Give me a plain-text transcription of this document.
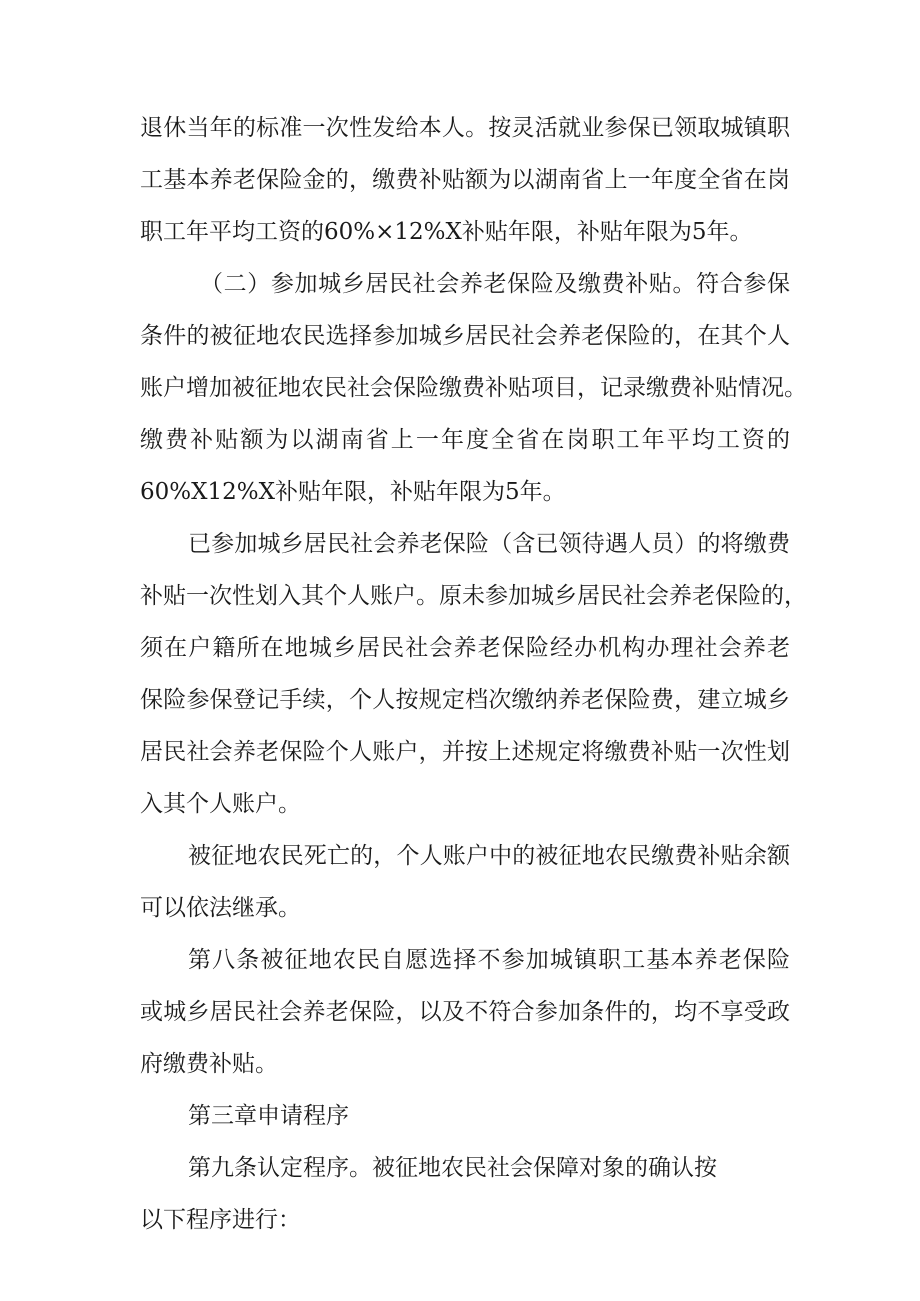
退休当年的标准一次性发给本人。按灵活就业参保已领取城镇职
工基本养老保险金的，缴费补贴额为以湖南省上一年度全省在岗
职工年平均工资的60%×12%X补贴年限，补贴年限为5年。
（二）参加城乡居民社会养老保险及缴费补贴。符合参保
条件的被征地农民选择参加城乡居民社会养老保险的，在其个人
账户增加被征地农民社会保险缴费补贴项目，记录缴费补贴情况。
缴费补贴额为以湖南省上一年度全省在岗职工年平均工资的
60%X12%X补贴年限，补贴年限为5年。
已参加城乡居民社会养老保险（含已领待遇人员）的将缴费
补贴一次性划入其个人账户。原未参加城乡居民社会养老保险的，
须在户籍所在地城乡居民社会养老保险经办机构办理社会养老
保险参保登记手续，个人按规定档次缴纳养老保险费，建立城乡
居民社会养老保险个人账户，并按上述规定将缴费补贴一次性划
入其个人账户。
被征地农民死亡的，个人账户中的被征地农民缴费补贴余额
可以依法继承。
第八条被征地农民自愿选择不参加城镇职工基本养老保险
或城乡居民社会养老保险，以及不符合参加条件的，均不享受政
府缴费补贴。
第三章申请程序
第九条认定程序。被征地农民社会保障对象的确认按
以下程序进行：
